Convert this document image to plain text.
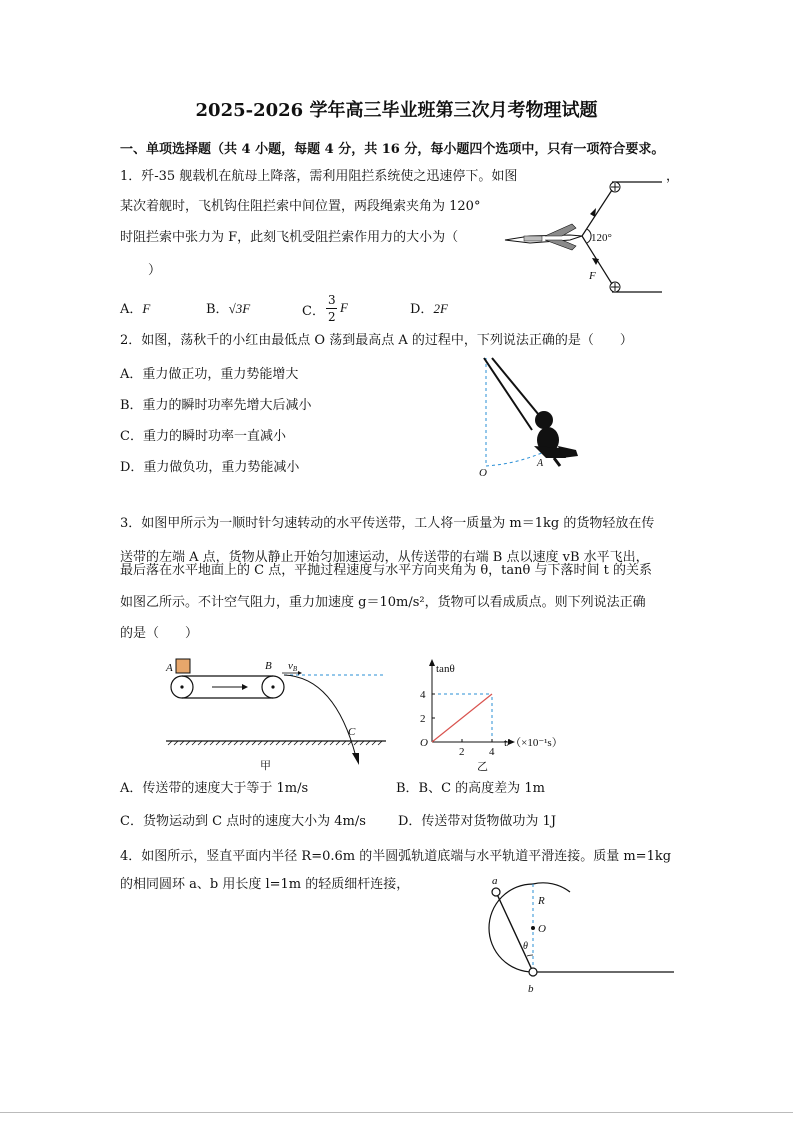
2025-2026 学年高三毕业班第三次月考物理试题
一、单项选择题（共 4 小题，每题 4 分，共 16 分，每小题四个选项中，只有一项符合要求。
1．歼-35 舰载机在航母上降落，需利用阻拦系统使之迅速停下。如图	，
某次着舰时，飞机钩住阻拦索中间位置，两段绳索夹角为 120°
时阻拦索中张力为 F，此刻飞机受阻拦索作用力的大小为（
）
A．F	B．√3F	C．
3
2
F	D．2F
120°
F
2．如图，荡秋千的小红由最低点 O 荡到最高点 A 的过程中，下列说法正确的是（　　）
A．重力做正功，重力势能增大
B．重力的瞬时功率先增大后减小
C．重力的瞬时功率一直减小
D．重力做负功，重力势能减小	O
A
3．如图甲所示为一顺时针匀速转动的水平传送带，工人将一质量为 m＝1kg 的货物轻放在传
送带的左端 A 点，货物从静止开始匀加速运动，从传送带的右端 B 点以速度 vB 水平飞出，
最后落在水平地面上的 C 点，平抛过程速度与水平方向夹角为 θ，tanθ 与下落时间 t 的关系
如图乙所示。不计空气阻力，重力加速度 g＝10m/s²，货物可以看成质点。则下列说法正确
的是（　　）
A	B vB
C
甲
tanθ
t/（×10⁻¹s）
O
2 4
2
4
乙
A．传送带的速度大于等于 1m/s	B．B、C 的高度差为 1m
C．货物运动到 C 点时的速度大小为 4m/s D．传送带对货物做功为 1J
4．如图所示，竖直平面内半径 R=0.6m 的半圆弧轨道底端与水平轨道平滑连接。质量 m=1kg
的相同圆环 a、b 用长度 l=1m 的轻质细杆连接，	a
b
R
O
θ
